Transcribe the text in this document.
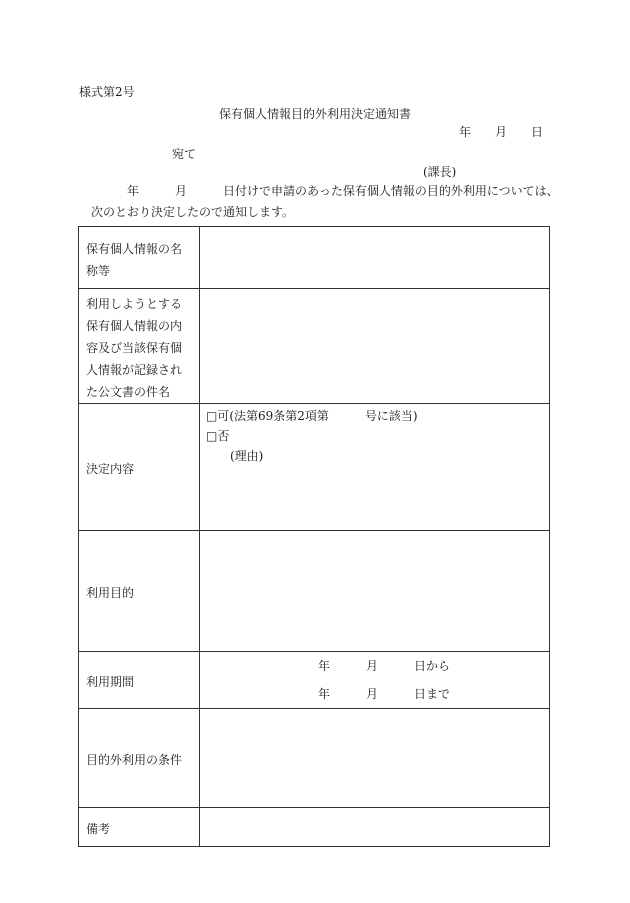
様式第2号
保有個人情報目的外利用決定通知書
年 月 日
宛て
(課長)
年	月	日付けで申請のあった保有個人情報の目的外利用については、
次のとおり決定したので通知します。
保有個人情報の名称等	
利用しようとする保有個人情報の内容及び当該保有個人情報が記録された公文書の件名	
決定内容	□可(法第69条第2項第　　　号に該当)
□否
(理由)

利用目的	
利用期間	年　　　月　　　日から
年　　　月　　　日まで

目的外利用の条件	
備考	
